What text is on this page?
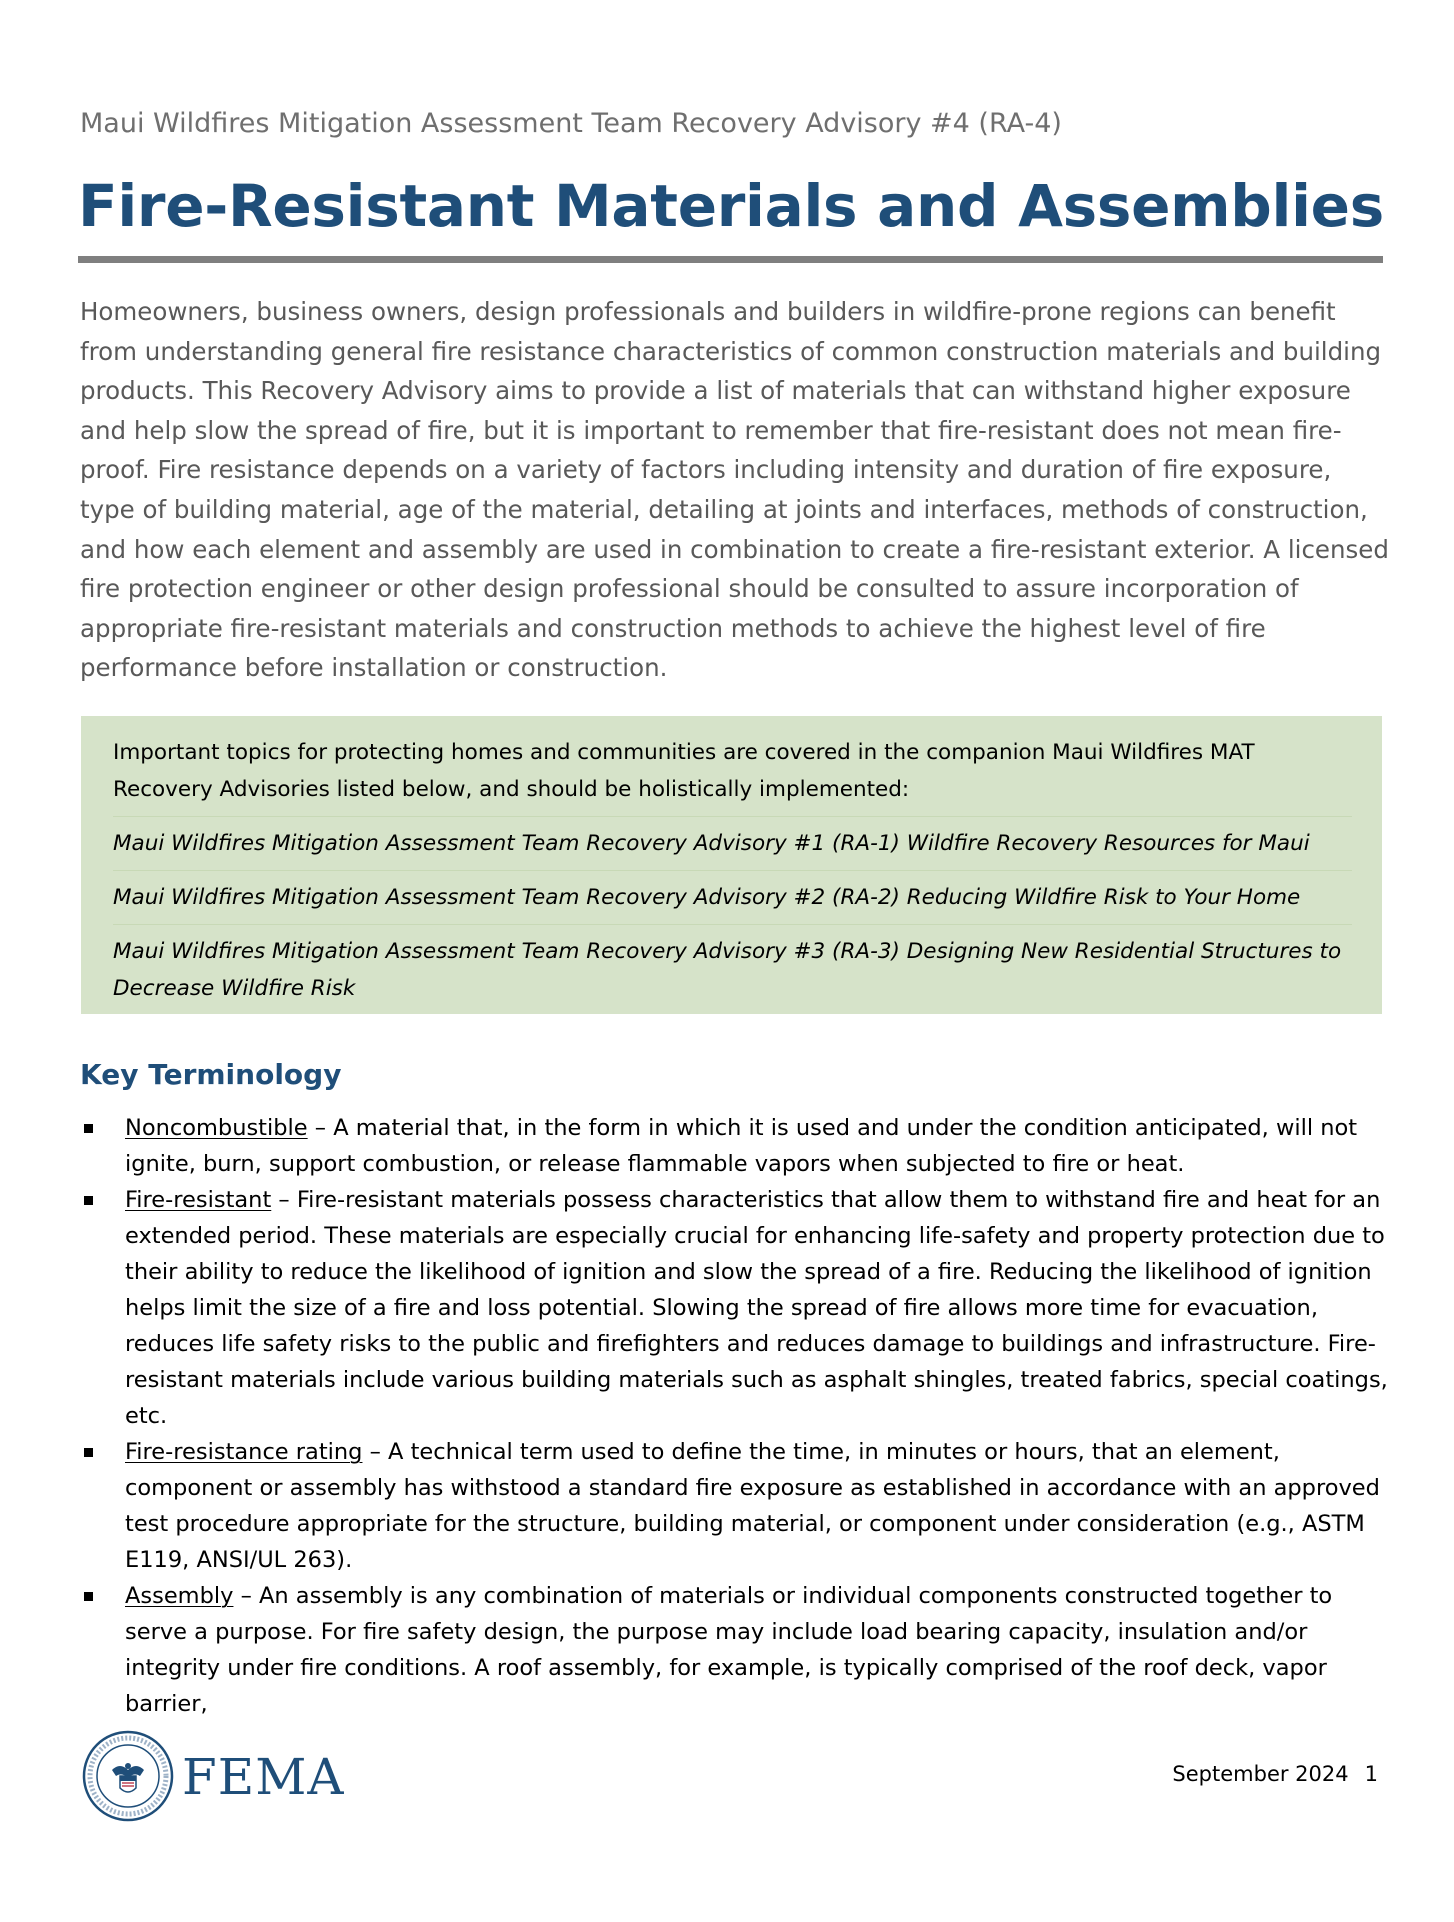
Maui Wildfires Mitigation Assessment Team Recovery Advisory #4 (RA-4)
Fire-Resistant Materials and Assemblies

Homeowners, business owners, design professionals and builders in wildfire-prone regions can benefit from understanding general fire resistance characteristics of common construction materials and building products. This Recovery Advisory aims to provide a list of materials that can withstand higher exposure and help slow the spread of fire, but it is important to remember that fire-resistant does not mean fire-proof. Fire resistance depends on a variety of factors including intensity and duration of fire exposure, type of building material, age of the material, detailing at joints and interfaces, methods of construction, and how each element and assembly are used in combination to create a fire-resistant exterior. A licensed fire protection engineer or other design professional should be consulted to assure incorporation of appropriate fire-resistant materials and construction methods to achieve the highest level of fire performance before installation or construction.

Important topics for protecting homes and communities are covered in the companion Maui Wildfires MAT Recovery Advisories listed below, and should be holistically implemented:
Maui Wildfires Mitigation Assessment Team Recovery Advisory #1 (RA-1) Wildfire Recovery Resources for Maui
Maui Wildfires Mitigation Assessment Team Recovery Advisory #2 (RA-2) Reducing Wildfire Risk to Your Home
Maui Wildfires Mitigation Assessment Team Recovery Advisory #3 (RA-3) Designing New Residential Structures to Decrease Wildfire Risk
Key Terminology
Noncombustible – A material that, in the form in which it is used and under the condition anticipated, will not ignite, burn, support combustion, or release flammable vapors when subjected to fire or heat.
Fire-resistant – Fire-resistant materials possess characteristics that allow them to withstand fire and heat for an extended period. These materials are especially crucial for enhancing life-safety and property protection due to their ability to reduce the likelihood of ignition and slow the spread of a fire. Reducing the likelihood of ignition helps limit the size of a fire and loss potential. Slowing the spread of fire allows more time for evacuation, reduces life safety risks to the public and firefighters and reduces damage to buildings and infrastructure. Fire-resistant materials include various building materials such as asphalt shingles, treated fabrics, special coatings, etc.
Fire-resistance rating – A technical term used to define the time, in minutes or hours, that an element, component or assembly has withstood a standard fire exposure as established in accordance with an approved test procedure appropriate for the structure, building material, or component under consideration (e.g., ASTM E119, ANSI/UL 263).
Assembly – An assembly is any combination of materials or individual components constructed together to serve a purpose. For fire safety design, the purpose may include load bearing capacity, insulation and/or integrity under fire conditions. A roof assembly, for example, is typically comprised of the roof deck, vapor barrier,
FEMA	September 2024 1
